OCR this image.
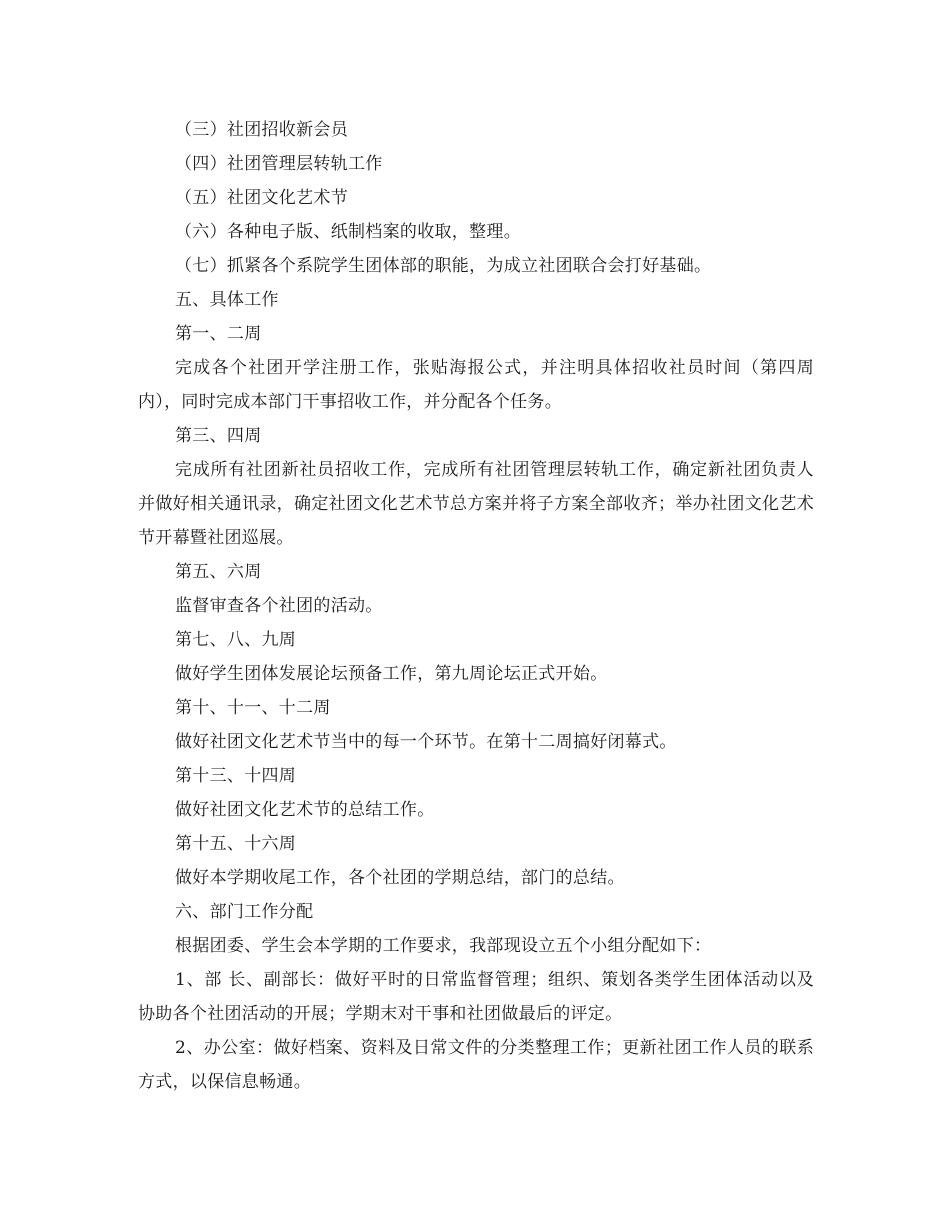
（三）社团招收新会员

（四）社团管理层转轨工作

（五）社团文化艺术节

（六）各种电子版、纸制档案的收取，整理。

（七）抓紧各个系院学生团体部的职能，为成立社团联合会打好基础。

五、具体工作

第一、二周

完成各个社团开学注册工作，张贴海报公式，并注明具体招收社员时间（第四周内），同时完成本部门干事招收工作，并分配各个任务。

第三、四周

完成所有社团新社员招收工作，完成所有社团管理层转轨工作，确定新社团负责人并做好相关通讯录，确定社团文化艺术节总方案并将子方案全部收齐；举办社团文化艺术节开幕暨社团巡展。

第五、六周

监督审查各个社团的活动。

第七、八、九周

做好学生团体发展论坛预备工作，第九周论坛正式开始。

第十、十一、十二周

做好社团文化艺术节当中的每一个环节。在第十二周搞好闭幕式。

第十三、十四周

做好社团文化艺术节的总结工作。

第十五、十六周

做好本学期收尾工作，各个社团的学期总结，部门的总结。

六、部门工作分配

根据团委、学生会本学期的工作要求，我部现设立五个小组分配如下：

1、部 长、副部长：做好平时的日常监督管理；组织、策划各类学生团体活动以及协助各个社团活动的开展；学期末对干事和社团做最后的评定。

2、办公室：做好档案、资料及日常文件的分类整理工作；更新社团工作人员的联系方式，以保信息畅通。
